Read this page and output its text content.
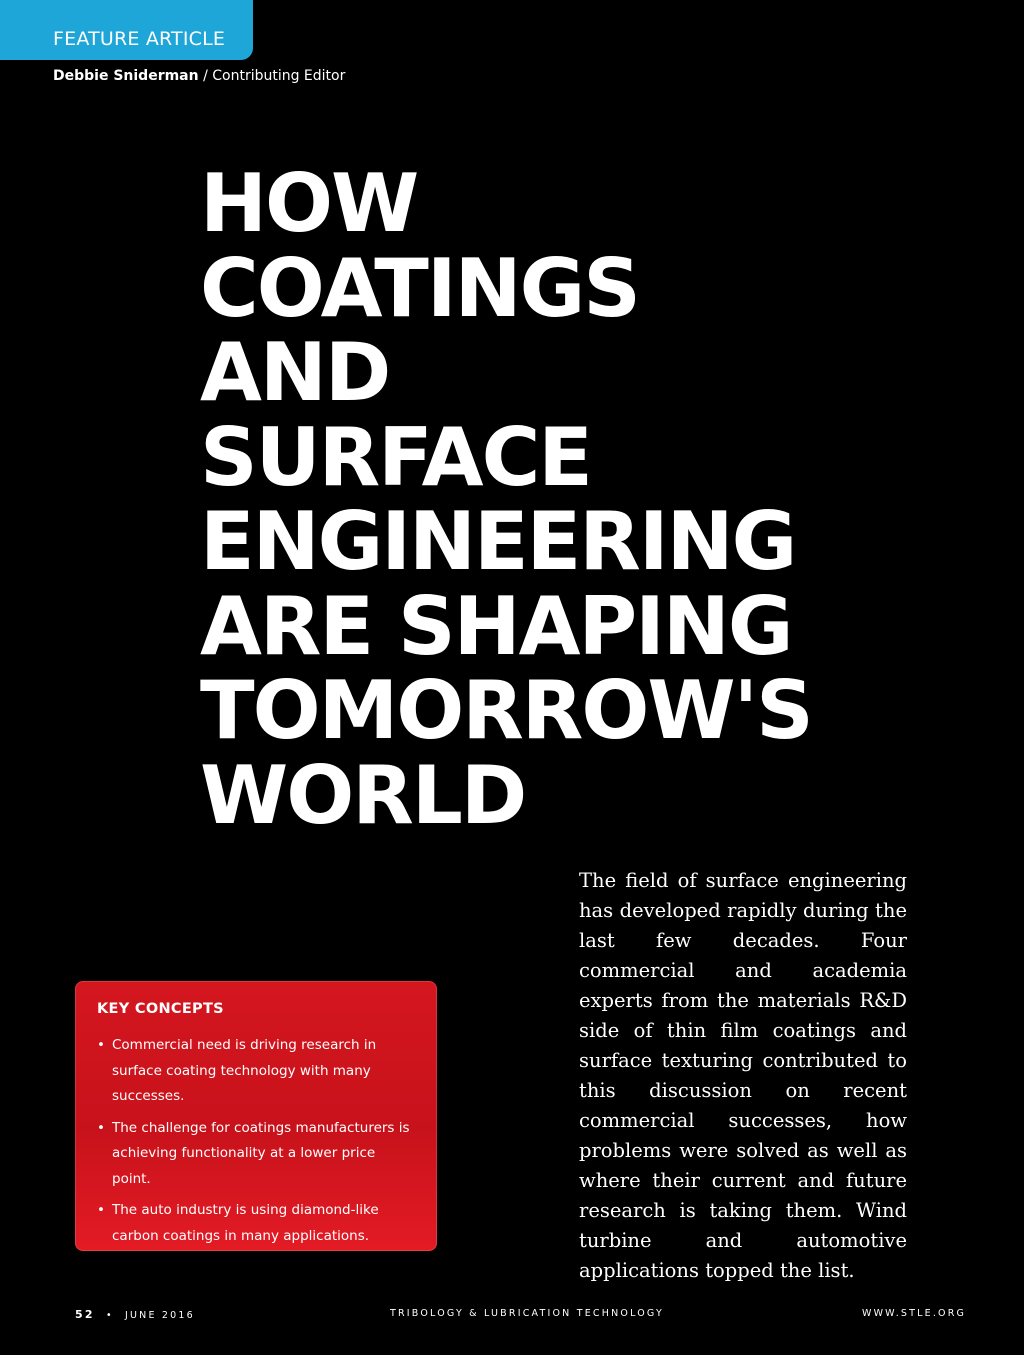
FEATURE ARTICLE
Debbie Sniderman / Contributing Editor
HOW
COATINGS
AND
SURFACE
ENGINEERING
ARE SHAPING
TOMORROW'S
WORLD

The field of surface engineering has developed rapidly during the last few decades. Four commercial and academia experts from the materials R&D side of thin film coatings and surface texturing contributed to this discussion on recent commercial successes, how problems were solved as well as where their current and future research is taking them. Wind turbine and automotive applications topped the list.

KEY CONCEPTS
• Commercial need is driving research in surface coating technology with many successes.
• The challenge for coatings manufacturers is achieving functionality at a lower price point.
• The auto industry is using diamond-like carbon coatings in many applications.
52 • JUNE 2016	TRIBOLOGY & LUBRICATION TECHNOLOGY	WWW.STLE.ORG
